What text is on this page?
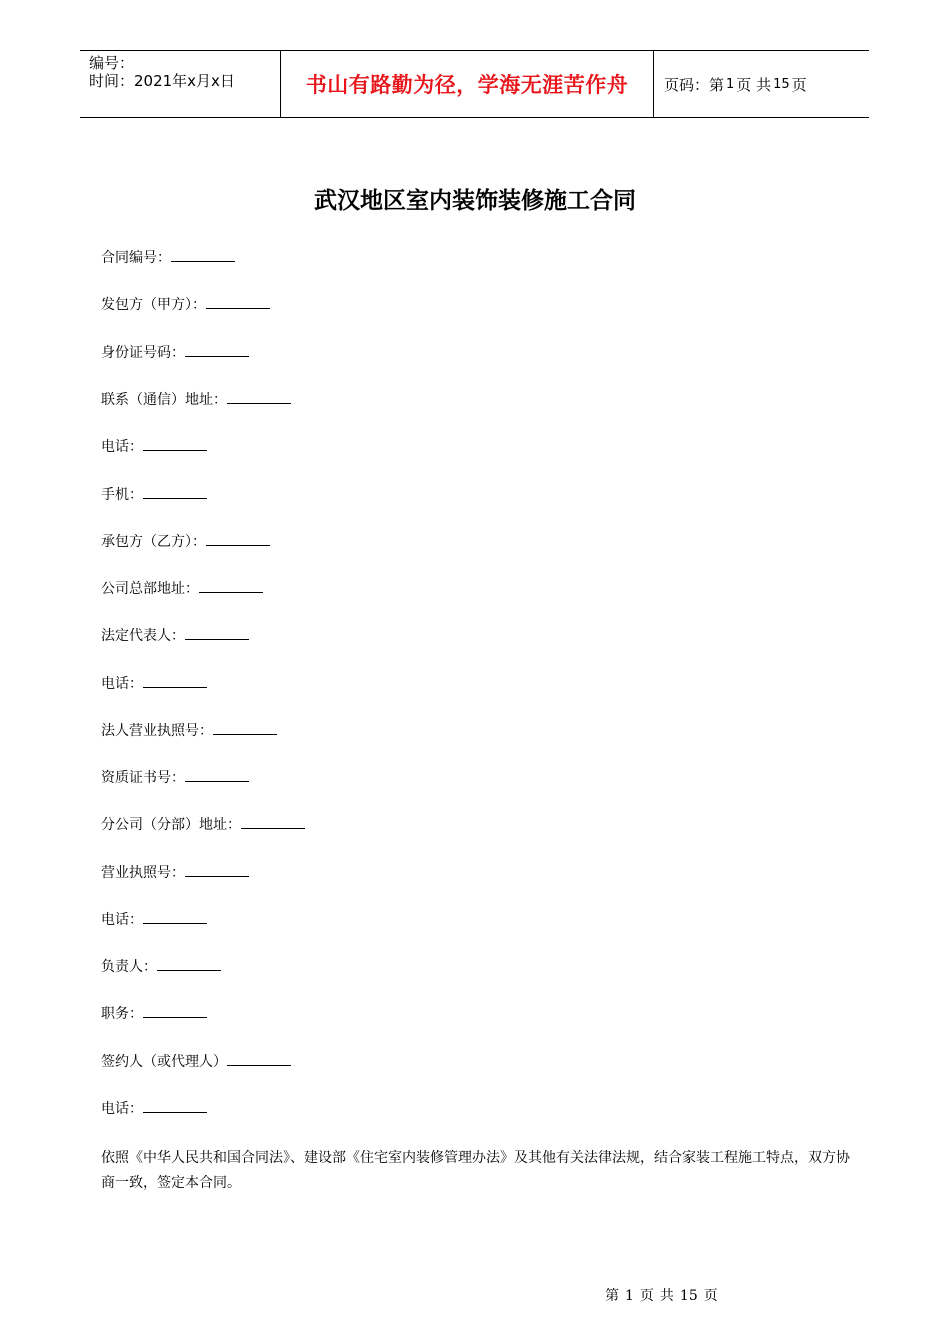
编号：
时间：2021年x月x日	书山有路勤为径，学海无涯苦作舟	页码：第 1 页 共 15 页
武汉地区室内装饰装修施工合同
合同编号：
发包方（甲方）：
身份证号码：
联系（通信）地址：
电话：
手机：
承包方（乙方）：
公司总部地址：
法定代表人：
电话：
法人营业执照号：
资质证书号：
分公司（分部）地址：
营业执照号：
电话：
负责人：
职务：
签约人（或代理人）
电话：
依照《中华人民共和国合同法》、建设部《住宅室内装修管理办法》及其他有关法律法规，结合家装工程施工特点，双方协商一致，签定本合同。
第 1 页 共 15 页
